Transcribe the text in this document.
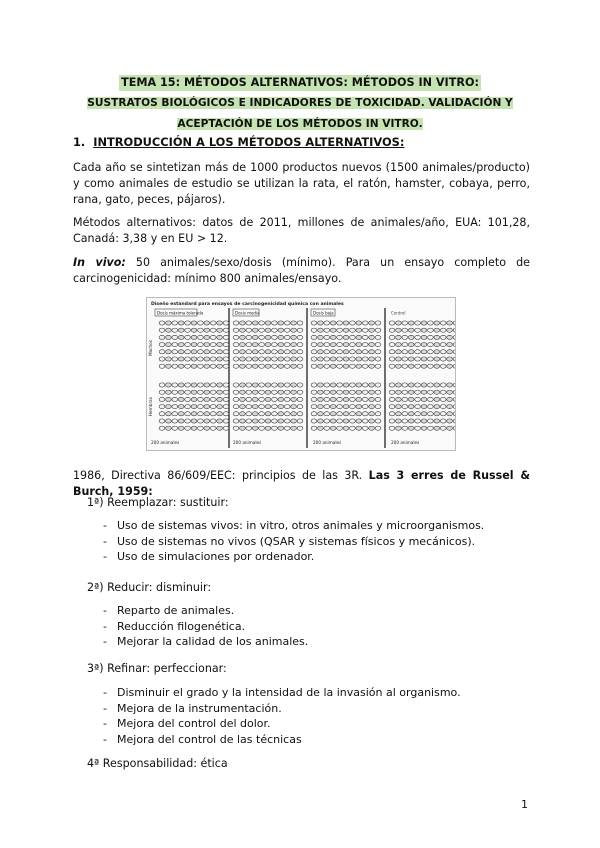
TEMA 15: MÉTODOS ALTERNATIVOS: MÉTODOS IN VITRO:
SUSTRATOS BIOLÓGICOS E INDICADORES DE TOXICIDAD. VALIDACIÓN Y ACEPTACIÓN DE LOS MÉTODOS IN VITRO.
1. INTRODUCCIÓN A LOS MÉTODOS ALTERNATIVOS:
Cada año se sintetizan más de 1000 productos nuevos (1500 animales/producto) y como animales de estudio se utilizan la rata, el ratón, hamster, cobaya, perro, rana, gato, peces, pájaros).
Métodos alternativos: datos de 2011, millones de animales/año, EUA: 101,28, Canadá: 3,38 y en EU > 12.
In vivo: 50 animales/sexo/dosis (mínimo). Para un ensayo completo de carcinogenicidad: mínimo 800 animales/ensayo.
Diseño estandard para ensayos de carcinogenicidad química con animales
Dosis máxima tolerada	Dosis media	Dosis baja	Control
Machos
Hembras
200 animales	200 animales	200 animales	200 animales
1986, Directiva 86/609/EEC: principios de las 3R. Las 3 erres de Russel & Burch, 1959:
1ª) Reemplazar: sustituir:
- Uso de sistemas vivos: in vitro, otros animales y microorganismos.
- Uso de sistemas no vivos (QSAR y sistemas físicos y mecánicos).
- Uso de simulaciones por ordenador.
2ª) Reducir: disminuir:
- Reparto de animales.
- Reducción filogenética.
- Mejorar la calidad de los animales.
3ª) Refinar: perfeccionar:
- Disminuir el grado y la intensidad de la invasión al organismo.
- Mejora de la instrumentación.
- Mejora del control del dolor.
- Mejora del control de las técnicas
4ª Responsabilidad: ética
1
